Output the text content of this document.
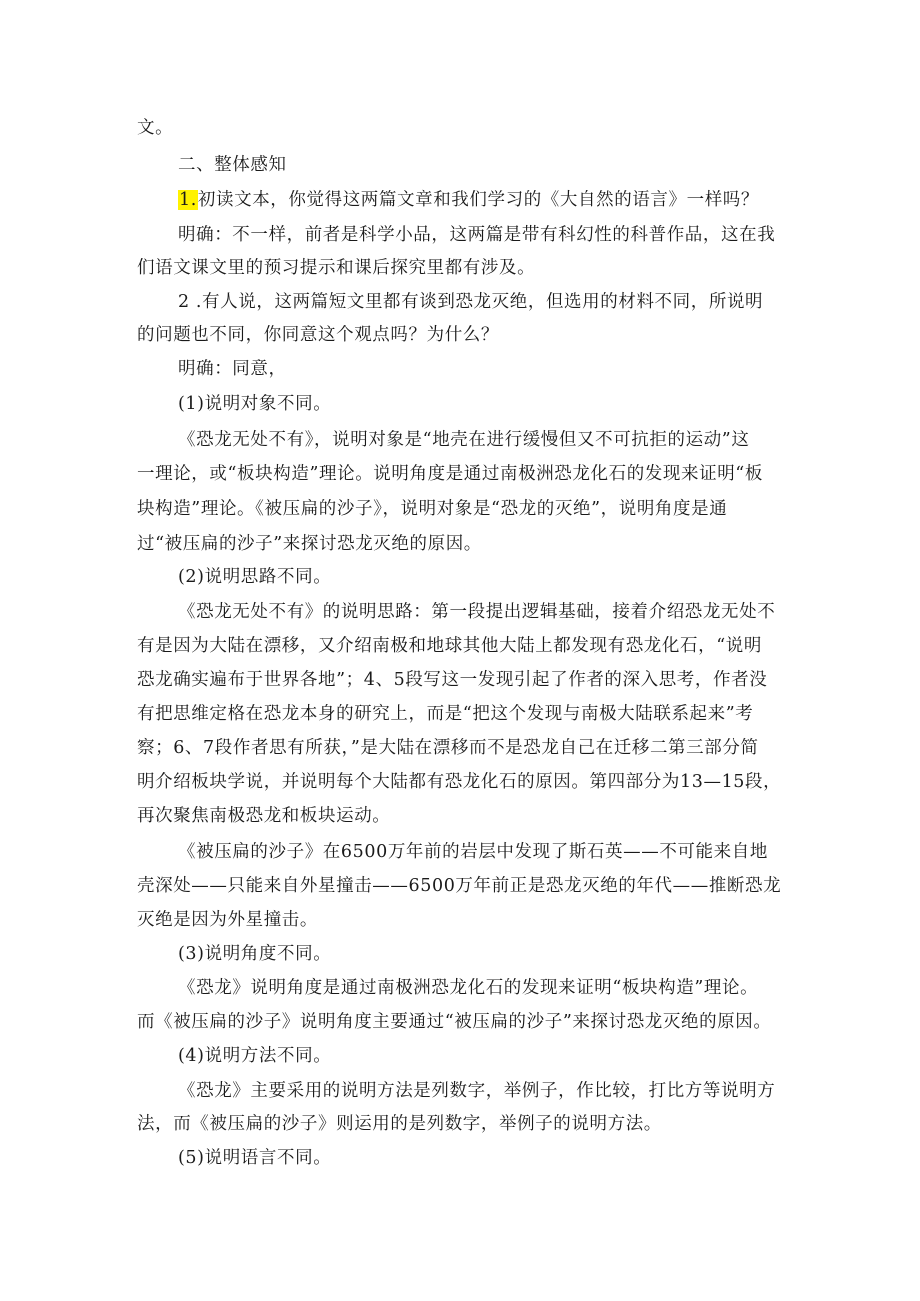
文。
二、整体感知
1.初读文本，你觉得这两篇文章和我们学习的《大自然的语言》一样吗？
明确：不一样，前者是科学小品，这两篇是带有科幻性的科普作品，这在我
们语文课文里的预习提示和课后探究里都有涉及。
2 .有人说，这两篇短文里都有谈到恐龙灭绝，但选用的材料不同，所说明
的问题也不同，你同意这个观点吗？为什么？
明确：同意，
(1)说明对象不同。
《恐龙无处不有》，说明对象是“地壳在进行缓慢但又不可抗拒的运动”这
一理论，或“板块构造”理论。说明角度是通过南极洲恐龙化石的发现来证明“板
块构造”理论。《被压扁的沙子》，说明对象是“恐龙的灭绝”，说明角度是通
过“被压扁的沙子”来探讨恐龙灭绝的原因。
(2)说明思路不同。
《恐龙无处不有》的说明思路：第一段提出逻辑基础，接着介绍恐龙无处不
有是因为大陆在漂移，又介绍南极和地球其他大陆上都发现有恐龙化石，“说明
恐龙确实遍布于世界各地”；4、5段写这一发现引起了作者的深入思考，作者没
有把思维定格在恐龙本身的研究上，而是“把这个发现与南极大陆联系起来”考
察；6、7段作者思有所获，”是大陆在漂移而不是恐龙自己在迁移二第三部分简
明介绍板块学说，并说明每个大陆都有恐龙化石的原因。第四部分为13—15段，
再次聚焦南极恐龙和板块运动。
《被压扁的沙子》在6500万年前的岩层中发现了斯石英——不可能来自地
壳深处——只能来自外星撞击——6500万年前正是恐龙灭绝的年代——推断恐龙
灭绝是因为外星撞击。
(3)说明角度不同。
《恐龙》说明角度是通过南极洲恐龙化石的发现来证明“板块构造”理论。
而《被压扁的沙子》说明角度主要通过“被压扁的沙子”来探讨恐龙灭绝的原因。
(4)说明方法不同。
《恐龙》主要采用的说明方法是列数字，举例子，作比较，打比方等说明方
法，而《被压扁的沙子》则运用的是列数字，举例子的说明方法。
(5)说明语言不同。
